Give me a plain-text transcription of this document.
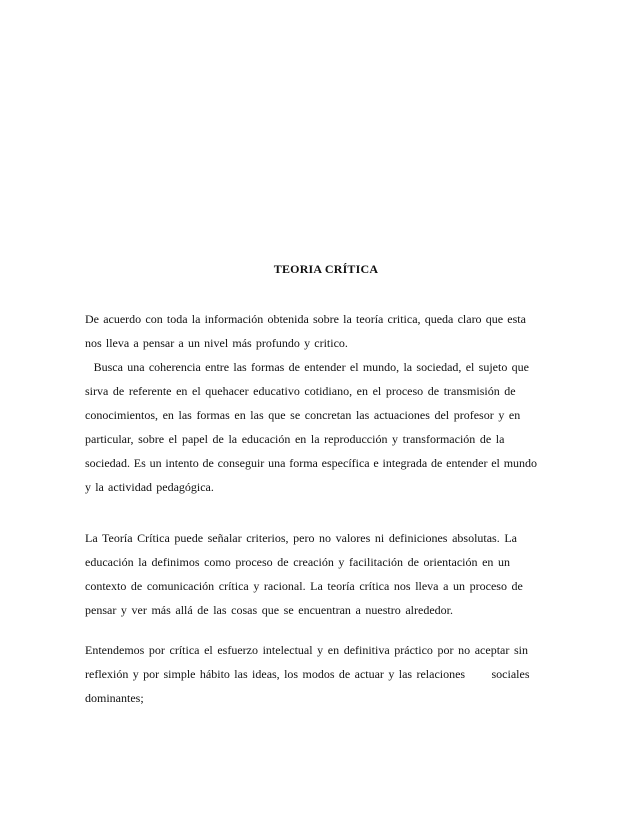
TEORIA CRÍTICA

De acuerdo con toda la información obtenida sobre la teoría critica, queda claro que esta

nos lleva a pensar a un nivel más profundo y critico.

Busca una coherencia entre las formas de entender el mundo, la sociedad, el sujeto que

sirva de referente en el quehacer educativo cotidiano, en el proceso de transmisión de

conocimientos, en las formas en las que se concretan las actuaciones del profesor y en

particular, sobre el papel de la educación en la reproducción y transformación de la

sociedad. Es un intento de conseguir una forma específica e integrada de entender el mundo

y la actividad pedagógica.

La Teoría Crítica puede señalar criterios, pero no valores ni definiciones absolutas. La

educación la definimos como proceso de creación y facilitación de orientación en un

contexto de comunicación crítica y racional. La teoría crítica nos lleva a un proceso de

pensar y ver más allá de las cosas que se encuentran a nuestro alrededor.

Entendemos por crítica el esfuerzo intelectual y en definitiva práctico por no aceptar sin

reflexión y por simple hábito las ideas, los modos de actuar y las relaciones      sociales

dominantes;
